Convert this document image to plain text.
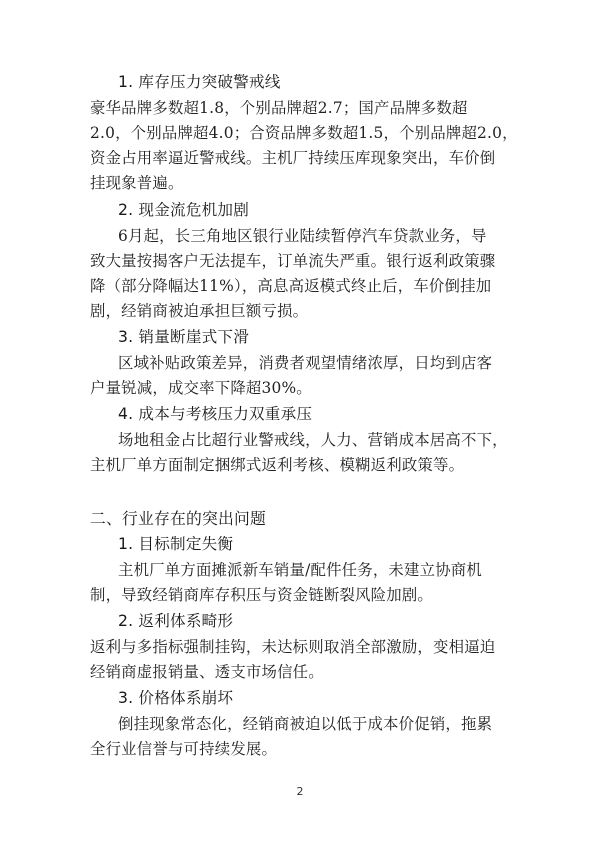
1. 库存压力突破警戒线
豪华品牌多数超1.8，个别品牌超2.7；国产品牌多数超
2.0，个别品牌超4.0；合资品牌多数超1.5，个别品牌超2.0，
资金占用率逼近警戒线。主机厂持续压库现象突出，车价倒
挂现象普遍。
2. 现金流危机加剧
6月起，长三角地区银行业陆续暂停汽车贷款业务，导
致大量按揭客户无法提车，订单流失严重。银行返利政策骤
降（部分降幅达11%），高息高返模式终止后，车价倒挂加
剧，经销商被迫承担巨额亏损。
3. 销量断崖式下滑
区域补贴政策差异，消费者观望情绪浓厚，日均到店客
户量锐减，成交率下降超30%。
4. 成本与考核压力双重承压
场地租金占比超行业警戒线，人力、营销成本居高不下，
主机厂单方面制定捆绑式返利考核、模糊返利政策等。
二、行业存在的突出问题
1. 目标制定失衡
主机厂单方面摊派新车销量/配件任务，未建立协商机
制，导致经销商库存积压与资金链断裂风险加剧。
2. 返利体系畸形
返利与多指标强制挂钩，未达标则取消全部激励，变相逼迫
经销商虚报销量、透支市场信任。
3. 价格体系崩坏
倒挂现象常态化，经销商被迫以低于成本价促销，拖累
全行业信誉与可持续发展。
2
